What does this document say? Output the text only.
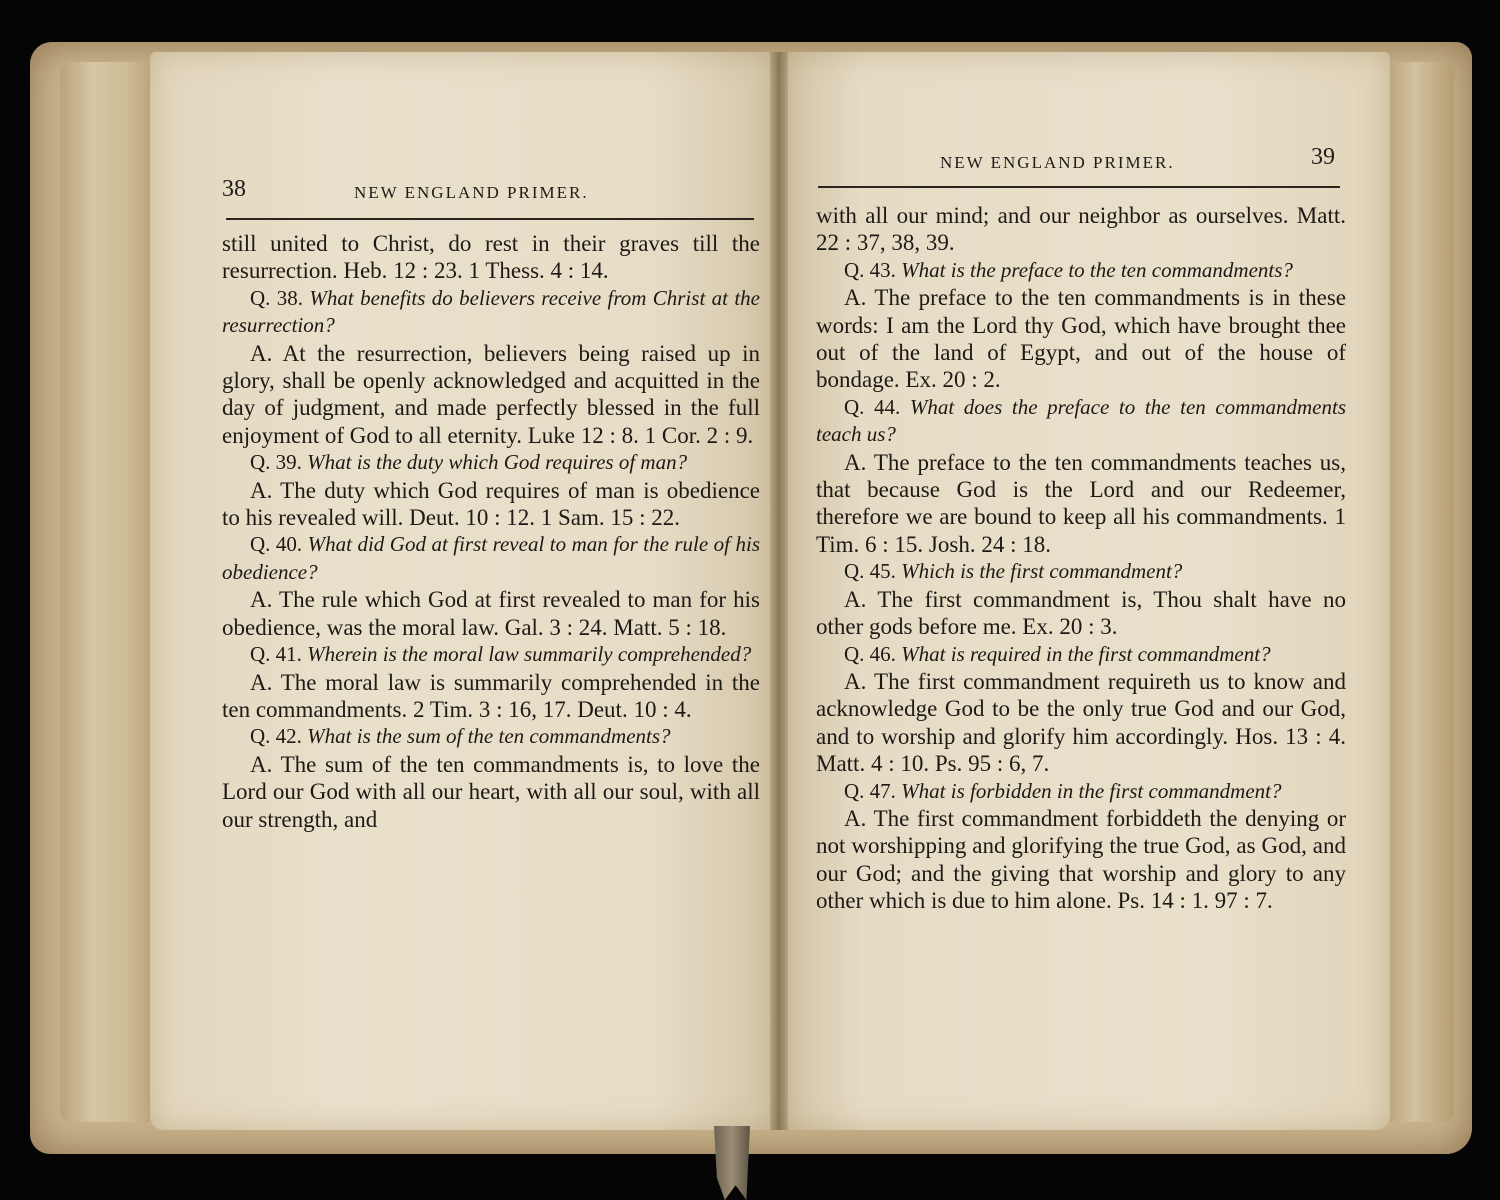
38	NEW ENGLAND PRIMER.
NEW ENGLAND PRIMER.	39

still united to Christ, do rest in their graves till the resurrection. Heb. 12 : 23. 1 Thess. 4 : 14.

Q. 38. What benefits do believers receive from Christ at the resurrection?

A. At the resurrection, believers being raised up in glory, shall be openly acknowledged and acquitted in the day of judgment, and made perfectly blessed in the full enjoyment of God to all eternity. Luke 12 : 8. 1 Cor. 2 : 9.

Q. 39. What is the duty which God requires of man?

A. The duty which God requires of man is obedience to his revealed will. Deut. 10 : 12. 1 Sam. 15 : 22.

Q. 40. What did God at first reveal to man for the rule of his obedience?

A. The rule which God at first revealed to man for his obedience, was the moral law. Gal. 3 : 24. Matt. 5 : 18.

Q. 41. Wherein is the moral law summarily comprehended?

A. The moral law is summarily comprehended in the ten commandments. 2 Tim. 3 : 16, 17. Deut. 10 : 4.

Q. 42. What is the sum of the ten commandments?

A. The sum of the ten commandments is, to love the Lord our God with all our heart, with all our soul, with all our strength, and

with all our mind; and our neighbor as ourselves. Matt. 22 : 37, 38, 39.

Q. 43. What is the preface to the ten commandments?

A. The preface to the ten commandments is in these words: I am the Lord thy God, which have brought thee out of the land of Egypt, and out of the house of bondage. Ex. 20 : 2.

Q. 44. What does the preface to the ten commandments teach us?

A. The preface to the ten commandments teaches us, that because God is the Lord and our Redeemer, therefore we are bound to keep all his commandments. 1 Tim. 6 : 15. Josh. 24 : 18.

Q. 45. Which is the first commandment?

A. The first commandment is, Thou shalt have no other gods before me. Ex. 20 : 3.

Q. 46. What is required in the first commandment?

A. The first commandment requireth us to know and acknowledge God to be the only true God and our God, and to worship and glorify him accordingly. Hos. 13 : 4. Matt. 4 : 10. Ps. 95 : 6, 7.

Q. 47. What is forbidden in the first commandment?

A. The first commandment forbiddeth the denying or not worshipping and glorifying the true God, as God, and our God; and the giving that worship and glory to any other which is due to him alone. Ps. 14 : 1. 97 : 7.
